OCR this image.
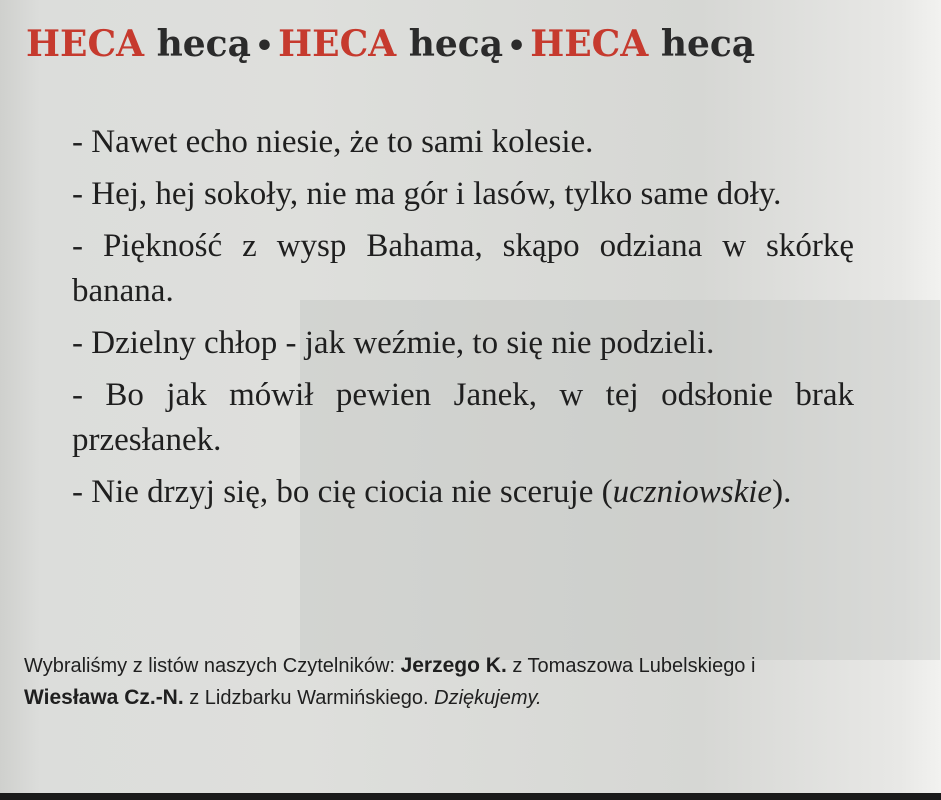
HECA hecą • HECA hecą • HECA hecą

- Nawet echo niesie, że to sami kolesie.

- Hej, hej sokoły, nie ma gór i lasów, tylko same doły.

- Piękność z wysp Bahama, skąpo odziana w skórkę banana.

- Dzielny chłop - jak weźmie, to się nie podzieli.

- Bo jak mówił pewien Janek, w tej odsłonie brak przesłanek.

- Nie drzyj się, bo cię ciocia nie sceruje (uczniowskie).

Wybraliśmy z listów naszych Czytelników: Jerzego K. z Tomaszowa Lubelskiego i Wiesława Cz.-N. z Lidzbarku Warmińskiego. Dziękujemy.
